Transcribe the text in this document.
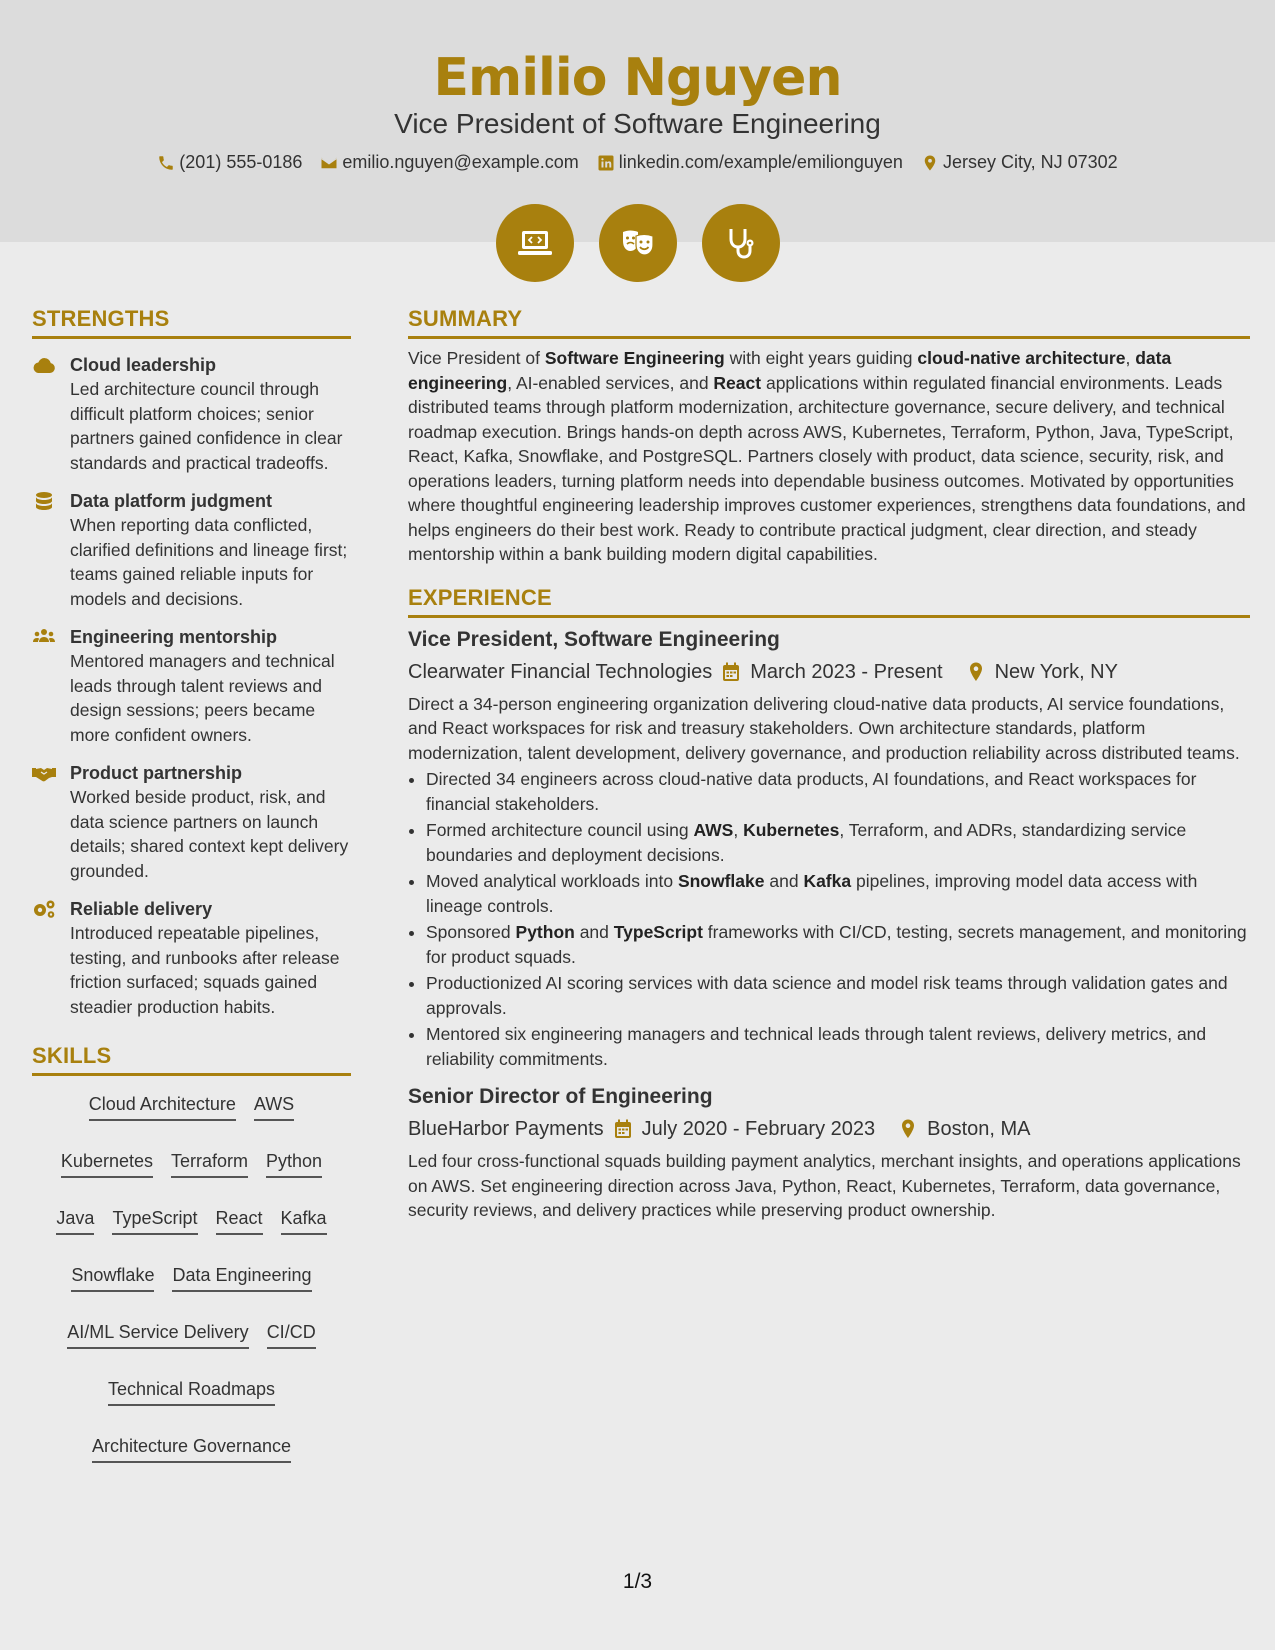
Emilio Nguyen
Vice President of Software Engineering
(201) 555-0186 emilio.nguyen@example.com linkedin.com/example/emilionguyen Jersey City, NJ 07302
STRENGTHS
Cloud leadership
Led architecture council through difficult platform choices; senior partners gained confidence in clear standards and practical tradeoffs.
Data platform judgment
When reporting data conflicted, clarified definitions and lineage first; teams gained reliable inputs for models and decisions.
Engineering mentorship
Mentored managers and technical leads through talent reviews and design sessions; peers became more confident owners.
Product partnership
Worked beside product, risk, and data science partners on launch details; shared context kept delivery grounded.
Reliable delivery
Introduced repeatable pipelines, testing, and runbooks after release friction surfaced; squads gained steadier production habits.
SKILLS
Cloud Architecture AWS
Kubernetes Terraform Python
Java TypeScript React Kafka
Snowflake Data Engineering
AI/ML Service Delivery CI/CD
Technical Roadmaps
Architecture Governance
SUMMARY

Vice President of Software Engineering with eight years guiding cloud-native architecture, data engineering, AI-enabled services, and React applications within regulated financial environments. Leads distributed teams through platform modernization, architecture governance, secure delivery, and technical roadmap execution. Brings hands-on depth across AWS, Kubernetes, Terraform, Python, Java, TypeScript, React, Kafka, Snowflake, and PostgreSQL. Partners closely with product, data science, security, risk, and operations leaders, turning platform needs into dependable business outcomes. Motivated by opportunities where thoughtful engineering leadership improves customer experiences, strengthens data foundations, and helps engineers do their best work. Ready to contribute practical judgment, clear direction, and steady mentorship within a bank building modern digital capabilities.

EXPERIENCE
Vice President, Software Engineering
Clearwater Financial Technologies March 2023 - Present	New York, NY

Direct a 34-person engineering organization delivering cloud-native data products, AI service foundations, and React workspaces for risk and treasury stakeholders. Own architecture standards, platform modernization, talent development, delivery governance, and production reliability across distributed teams.

• Directed 34 engineers across cloud-native data products, AI foundations, and React workspaces for financial stakeholders.
• Formed architecture council using AWS, Kubernetes, Terraform, and ADRs, standardizing service boundaries and deployment decisions.
• Moved analytical workloads into Snowflake and Kafka pipelines, improving model data access with lineage controls.
• Sponsored Python and TypeScript frameworks with CI/CD, testing, secrets management, and monitoring for product squads.
• Productionized AI scoring services with data science and model risk teams through validation gates and approvals.
• Mentored six engineering managers and technical leads through talent reviews, delivery metrics, and reliability commitments.
Senior Director of Engineering
BlueHarbor Payments July 2020 - February 2023	Boston, MA

Led four cross-functional squads building payment analytics, merchant insights, and operations applications on AWS. Set engineering direction across Java, Python, React, Kubernetes, Terraform, data governance, security reviews, and delivery practices while preserving product ownership.

1/3
